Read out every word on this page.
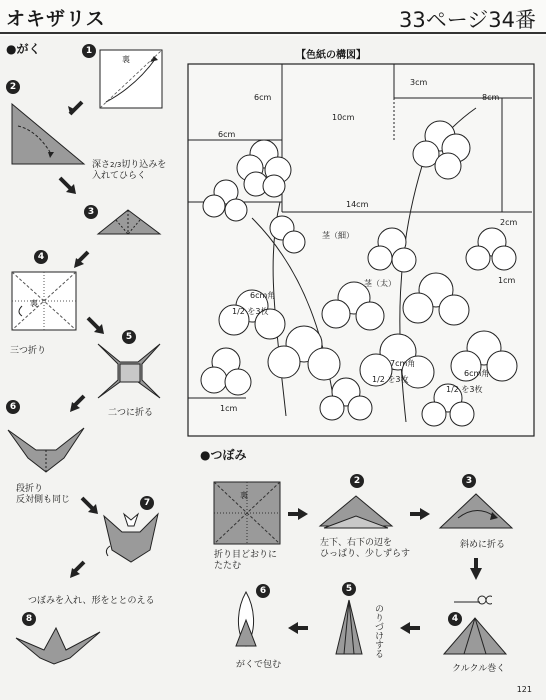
オキザリス	33ページ34番
●がく	1
裏
2
深さ2/3切り込みを
入れてひらく
3
4
裏
三つ折り
5
二つに折る
6
段折り
反対側も同じ	7
つぼみを入れ、形をととのえる
8
【色紙の構図】
6cm
3cm
8cm
10cm
6cm
14cm
2cm
1cm
1cm
茎（細）
茎（太）
6cm角
1/2 を3枚
7cm角
1/2 を3枚
6cm角
1/2 を3枚
●つぼみ
裏
折り目どおりに
たたむ
2
左下、右下の辺を
ひっぱり、少しずらす
3
斜めに折る
4
クルクル巻く
5
のりづけする
6
がくで包む
121
